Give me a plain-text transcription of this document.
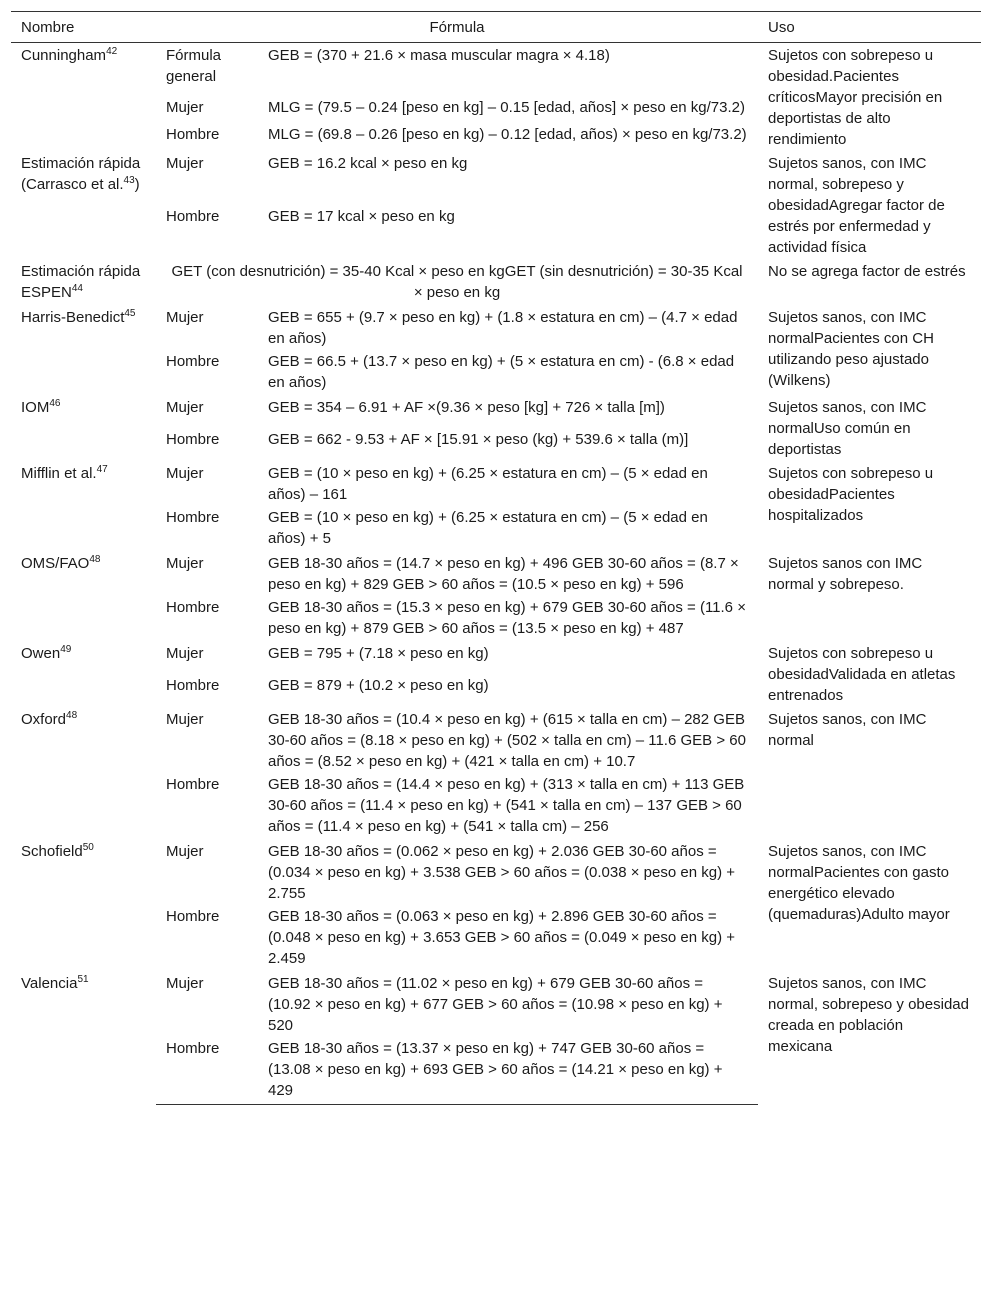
Nombre	Fórmula		Uso
Cunningham$^{42}$	Fórmula general	GEB = (370 + 21.6 × masa muscular magra × 4.18)	Sujetos con sobrepeso u obesidad.Pacientes críticosMayor precisión en deportistas de alto rendimiento
	Mujer	MLG = (79.5 – 0.24 [peso en kg] – 0.15 [edad, años] × peso en kg/73.2)	
	Hombre	MLG = (69.8 – 0.26 [peso en kg) – 0.12 [edad, años) × peso en kg/73.2)	
Estimación rápida (Carrasco et al.$^{43}$)	Mujer	GEB = 16.2 kcal × peso en kg	Sujetos sanos, con IMC normal, sobrepeso y obesidadAgregar factor de estrés por enfermedad y actividad física
	Hombre	GEB = 17 kcal × peso en kg	
Estimación rápida ESPEN$^{44}$	GET (con desnutrición) = 35-40 Kcal × peso en kgGET (sin desnutrición) = 30-35 Kcal × peso en kg		No se agrega factor de estrés
Harris-Benedict$^{45}$	Mujer	GEB = 655 + (9.7 × peso en kg) + (1.8 × estatura en cm) – (4.7 × edad en años)	Sujetos sanos, con IMC normalPacientes con CH utilizando peso ajustado (Wilkens)
	Hombre	GEB = 66.5 + (13.7 × peso en kg) + (5 × estatura en cm) - (6.8 × edad en años)	
IOM$^{46}$	Mujer	GEB = 354 – 6.91 + AF ×(9.36 × peso [kg] + 726 × talla [m])	Sujetos sanos, con IMC normalUso común en deportistas
	Hombre	GEB = 662 - 9.53 + AF × [15.91 × peso (kg) + 539.6 × talla (m)]	
Mifflin et al.$^{47}$	Mujer	GEB = (10 × peso en kg) + (6.25 × estatura en cm) – (5 × edad en años) – 161	Sujetos con sobrepeso u obesidadPacientes hospitalizados
	Hombre	GEB = (10 × peso en kg) + (6.25 × estatura en cm) – (5 × edad en años) + 5	
OMS/FAO$^{48}$	Mujer	GEB 18-30 años = (14.7 × peso en kg) + 496 GEB 30-60 años = (8.7 × peso en kg) + 829 GEB > 60 años = (10.5 × peso en kg) + 596	Sujetos sanos con IMC normal y sobrepeso.
	Hombre	GEB 18-30 años = (15.3 × peso en kg) + 679 GEB 30-60 años = (11.6 × peso en kg) + 879 GEB > 60 años = (13.5 × peso en kg) + 487	
Owen$^{49}$	Mujer	GEB = 795 + (7.18 × peso en kg)	Sujetos con sobrepeso u obesidadValidada en atletas entrenados
	Hombre	GEB = 879 + (10.2 × peso en kg)	
Oxford$^{48}$	Mujer	GEB 18-30 años = (10.4 × peso en kg) + (615 × talla en cm) – 282 GEB 30-60 años = (8.18 × peso en kg) + (502 × talla en cm) – 11.6 GEB > 60 años = (8.52 × peso en kg) + (421 × talla en cm) + 10.7	Sujetos sanos, con IMC normal
	Hombre	GEB 18-30 años = (14.4 × peso en kg) + (313 × talla en cm) + 113 GEB 30-60 años = (11.4 × peso en kg) + (541 × talla en cm) – 137 GEB > 60 años = (11.4 × peso en kg) + (541 × talla cm) – 256	
Schofield$^{50}$	Mujer	GEB 18-30 años = (0.062 × peso en kg) + 2.036 GEB 30-60 años = (0.034 × peso en kg) + 3.538 GEB > 60 años = (0.038 × peso en kg) + 2.755	Sujetos sanos, con IMC normalPacientes con gasto energético elevado (quemaduras)Adulto mayor
	Hombre	GEB 18-30 años = (0.063 × peso en kg) + 2.896 GEB 30-60 años = (0.048 × peso en kg) + 3.653 GEB > 60 años = (0.049 × peso en kg) + 2.459	
Valencia$^{51}$	Mujer	GEB 18-30 años = (11.02 × peso en kg) + 679 GEB 30-60 años = (10.92 × peso en kg) + 677 GEB > 60 años = (10.98 × peso en kg) + 520	Sujetos sanos, con IMC normal, sobrepeso y obesidad creada en población mexicana
	Hombre	GEB 18-30 años = (13.37 × peso en kg) + 747 GEB 30-60 años = (13.08 × peso en kg) + 693 GEB > 60 años = (14.21 × peso en kg) + 429	
